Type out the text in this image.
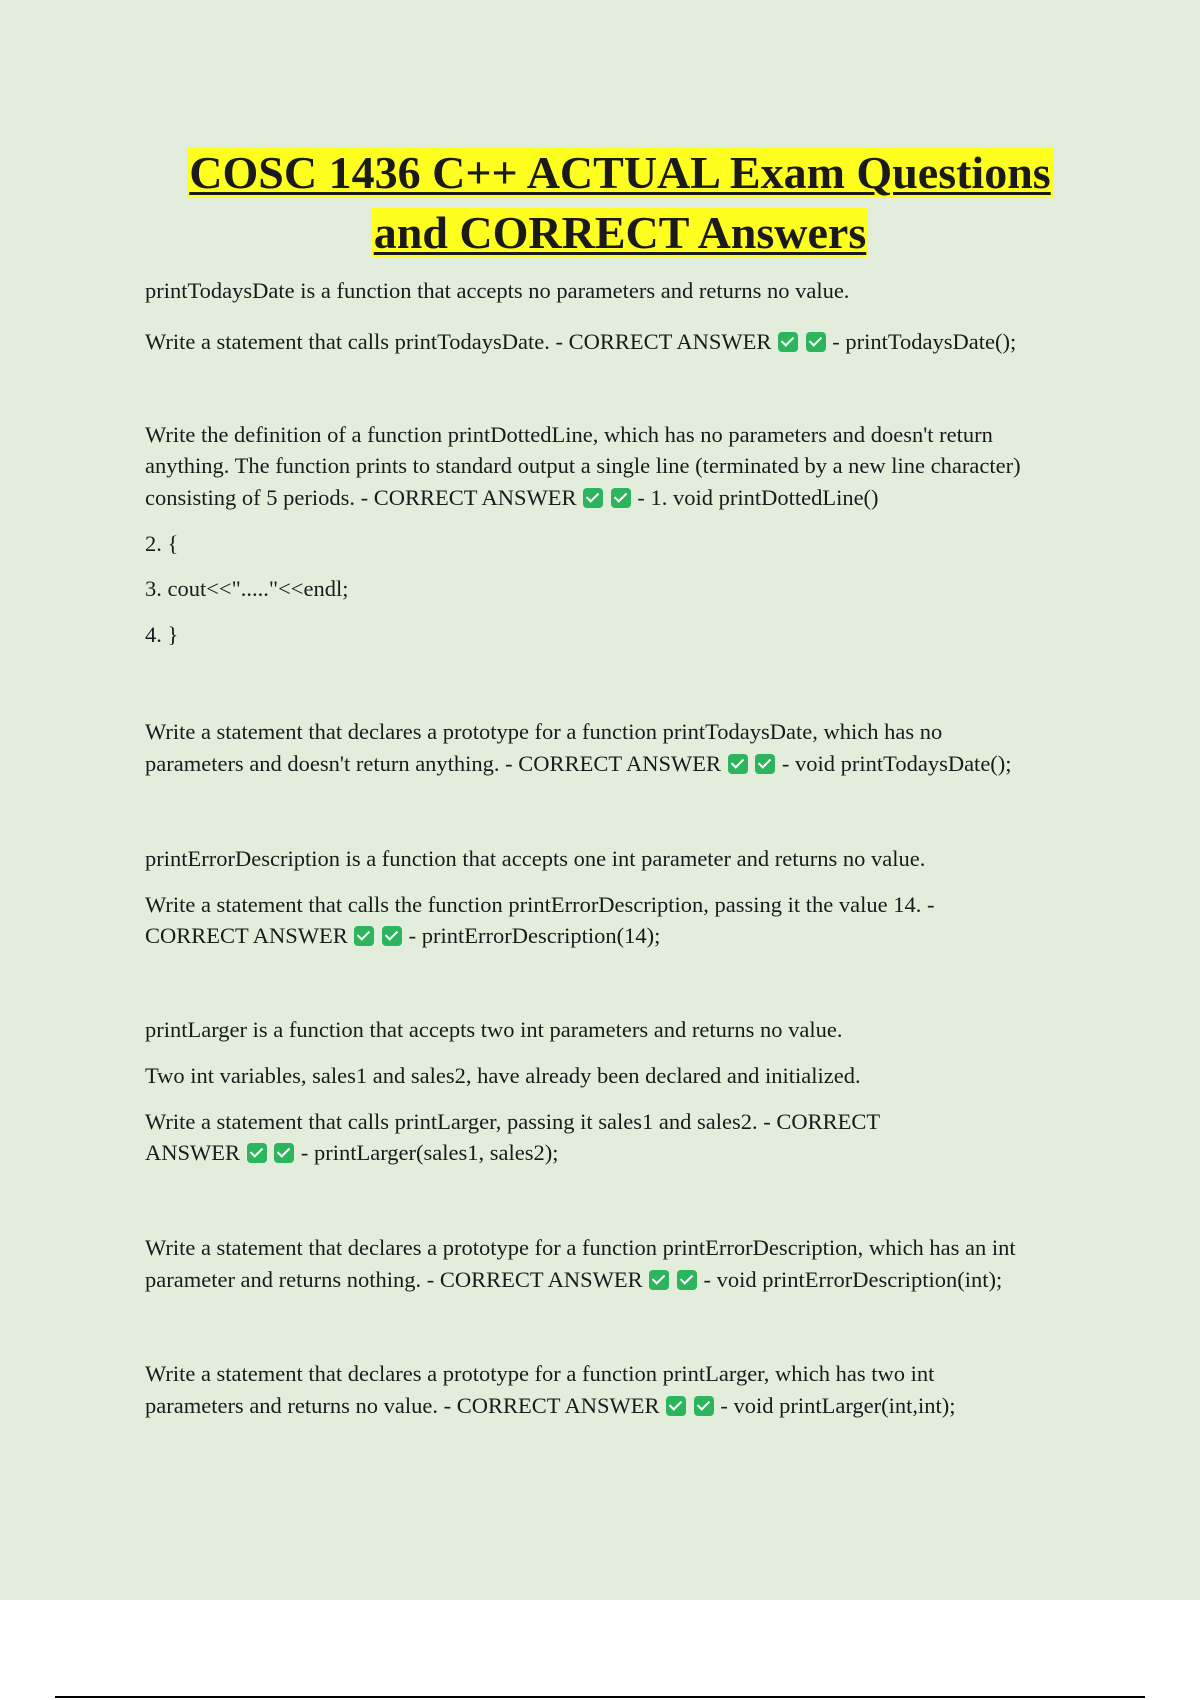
COSC 1436 C++ ACTUAL Exam Questions
and CORRECT Answers
printTodaysDate is a function that accepts no parameters and returns no value.
Write a statement that calls printTodaysDate. - CORRECT ANSWER	- printTodaysDate();
Write the definition of a function printDottedLine, which has no parameters and doesn't return
anything. The function prints to standard output a single line (terminated by a new line character)
consisting of 5 periods. - CORRECT ANSWER	- 1. void printDottedLine()
2. {
3. cout<<"....."<<endl;
4. }
Write a statement that declares a prototype for a function printTodaysDate, which has no
parameters and doesn't return anything. - CORRECT ANSWER	- void printTodaysDate();
printErrorDescription is a function that accepts one int parameter and returns no value.
Write a statement that calls the function printErrorDescription, passing it the value 14. -
CORRECT ANSWER	- printErrorDescription(14);
printLarger is a function that accepts two int parameters and returns no value.
Two int variables, sales1 and sales2, have already been declared and initialized.
Write a statement that calls printLarger, passing it sales1 and sales2. - CORRECT
ANSWER	- printLarger(sales1, sales2);
Write a statement that declares a prototype for a function printErrorDescription, which has an int
parameter and returns nothing. - CORRECT ANSWER	- void printErrorDescription(int);
Write a statement that declares a prototype for a function printLarger, which has two int
parameters and returns no value. - CORRECT ANSWER	- void printLarger(int,int);
